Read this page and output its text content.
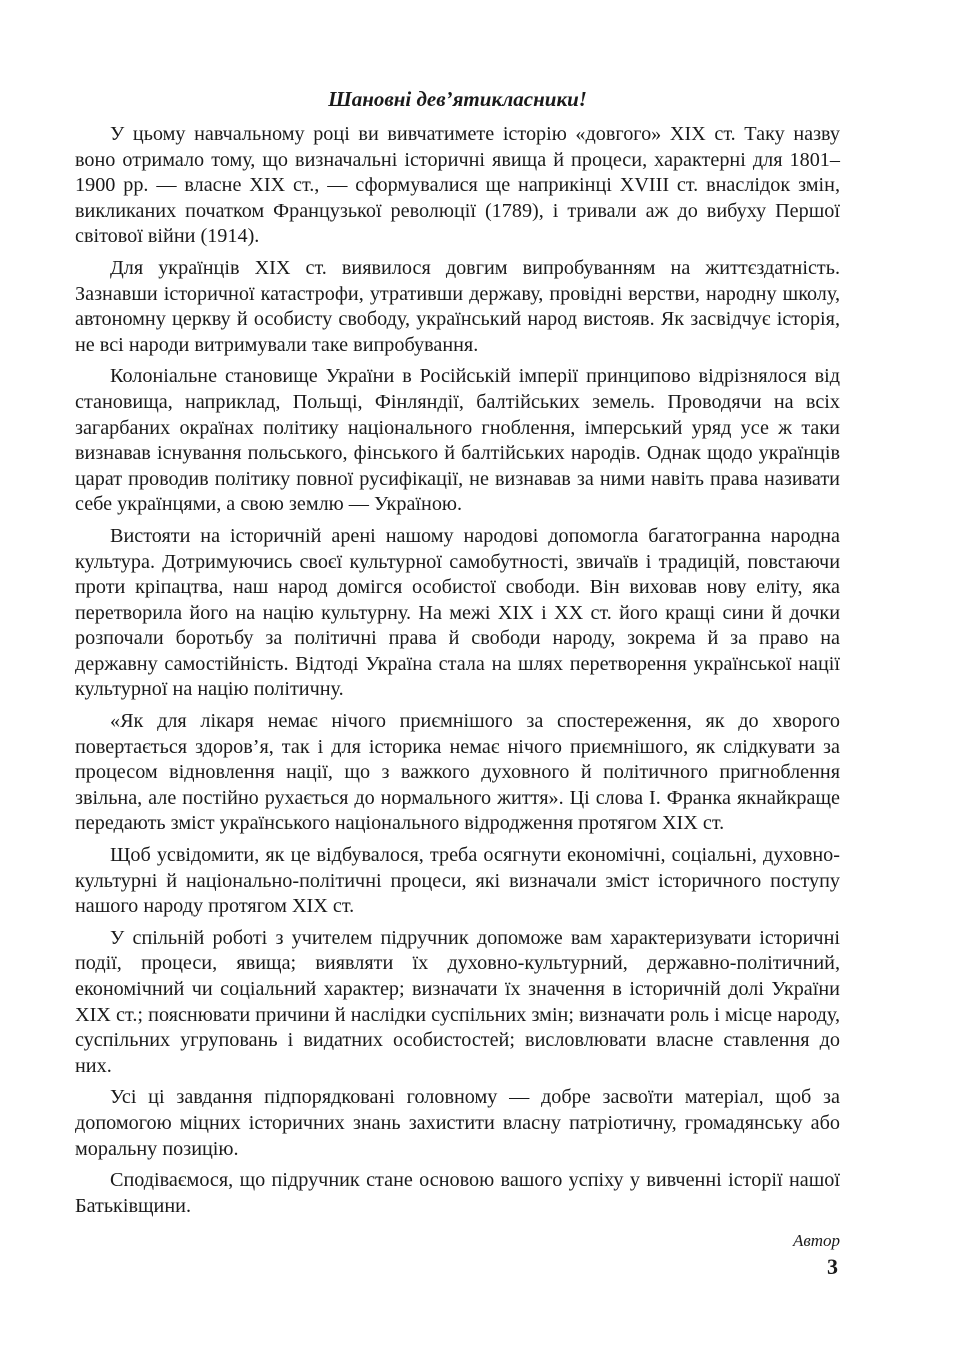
Шановні дев’ятикласники!

У цьому навчальному році ви вивчатимете історію «довгого» XIX ст. Таку назву воно отримало тому, що визначальні історичні явища й процеси, характерні для 1801–1900 рр. — власне XIX ст., — сформувалися ще наприкінці XVIII ст. внаслідок змін, викликаних початком Французької революції (1789), і тривали аж до вибуху Першої світової війни (1914).

Для українців XIX ст. виявилося довгим випробуванням на життєздатність. Зазнавши історичної катастрофи, утративши державу, провідні верстви, народну школу, автономну церкву й особисту свободу, український народ вистояв. Як засвідчує історія, не всі народи витримували таке випробування.

Колоніальне становище України в Російській імперії принципово відрізнялося від становища, наприклад, Польщі, Фінляндії, балтійських земель. Проводячи на всіх загарбаних окраїнах політику національного гноблення, імперський уряд усе ж таки визнавав існування польського, фінського й балтійських народів. Однак щодо українців царат проводив політику повної русифікації, не визнавав за ними навіть права називати себе українцями, а свою землю — Україною.

Вистояти на історичній арені нашому народові допомогла багатогранна народна культура. Дотримуючись своєї культурної самобутності, звичаїв і традицій, повстаючи проти кріпацтва, наш народ домігся особистої свободи. Він виховав нову еліту, яка перетворила його на націю культурну. На межі XIX і XX ст. його кращі сини й дочки розпочали боротьбу за політичні права й свободи народу, зокрема й за право на державну самостійність. Відтоді Україна стала на шлях перетворення української нації культурної на націю політичну.

«Як для лікаря немає нічого приємнішого за спостереження, як до хворого повертається здоров’я, так і для історика немає нічого приємнішого, як слідкувати за процесом відновлення нації, що з важкого духовного й політичного пригноблення звільна, але постійно рухається до нормального життя». Ці слова І. Франка якнайкраще передають зміст українського національного відродження протягом XIX ст.

Щоб усвідомити, як це відбувалося, треба осягнути економічні, соціальні, духовно-культурні й національно-політичні процеси, які визначали зміст історичного поступу нашого народу протягом XIX ст.

У спільній роботі з учителем підручник допоможе вам характеризувати історичні події, процеси, явища; виявляти їх духовно-культурний, державно-політичний, економічний чи соціальний характер; визначати їх значення в історичній долі України XIX ст.; пояснювати причини й наслідки суспільних змін; визначати роль і місце народу, суспільних угруповань і видатних особистостей; висловлювати власне ставлення до них.

Усі ці завдання підпорядковані головному — добре засвоїти матеріал, щоб за допомогою міцних історичних знань захистити власну патріотичну, громадянську або моральну позицію.

Сподіваємося, що підручник стане основою вашого успіху у вивченні історії нашої Батьківщини.

Автор
3
